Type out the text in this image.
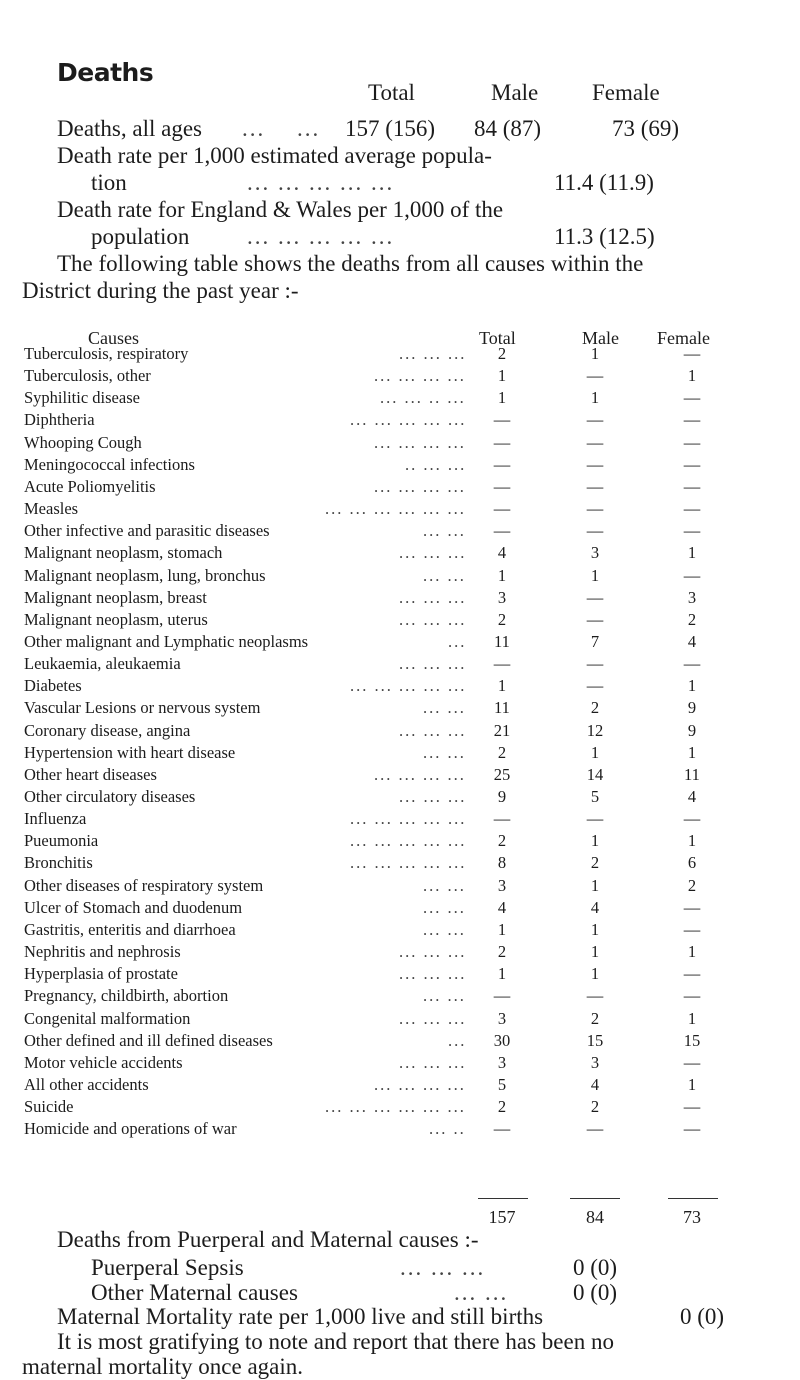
Deaths
Total	Male Female
Deaths, all ages ... ... 157 (156) 84 (87)	73 (69)
Death rate per 1,000 estimated average popula-
tion	... ... ... ... ...	11.4 (11.9)
Death rate for England & Wales per 1,000 of the
population	... ... ... ... ...	11.3 (12.5)
The following table shows the deaths from all causes within the
District during the past year :-
Causes	Total	Male Female
Tuberculosis, respiratory	... ... ...	2	1	—
Tuberculosis, other	... ... ... ...	1	—	1
Syphilitic disease	... ... .. ...	1	1	—
Diphtheria	... ... ... ... ...	—	—	—
Whooping Cough	... ... ... ...	—	—	—
Meningococcal infections	.. ... ...	—	—	—
Acute Poliomyelitis	... ... ... ...	—	—	—
Measles	... ... ... ... ... ...	—	—	—
Other infective and parasitic diseases	... ...	—	—	—
Malignant neoplasm, stomach	... ... ...	4	3	1
Malignant neoplasm, lung, bronchus	... ...	1	1	—
Malignant neoplasm, breast	... ... ...	3	—	3
Malignant neoplasm, uterus	... ... ...	2	—	2
Other malignant and Lymphatic neoplasms	...	11	7	4
Leukaemia, aleukaemia	... ... ...	—	—	—
Diabetes	... ... ... ... ...	1	—	1
Vascular Lesions or nervous system	... ...	11	2	9
Coronary disease, angina	... ... ...	21	12	9
Hypertension with heart disease	... ...	2	1	1
Other heart diseases	... ... ... ...	25	14	11
Other circulatory diseases	... ... ...	9	5	4
Influenza	... ... ... ... ...	—	—	—
Pueumonia	... ... ... ... ...	2	1	1
Bronchitis	... ... ... ... ...	8	2	6
Other diseases of respiratory system	... ...	3	1	2
Ulcer of Stomach and duodenum	... ...	4	4	—
Gastritis, enteritis and diarrhoea	... ...	1	1	—
Nephritis and nephrosis	... ... ...	2	1	1
Hyperplasia of prostate	... ... ...	1	1	—
Pregnancy, childbirth, abortion	... ...	—	—	—
Congenital malformation	... ... ...	3	2	1
Other defined and ill defined diseases	...	30	15	15
Motor vehicle accidents	... ... ...	3	3	—
All other accidents	... ... ... ...	5	4	1
Suicide	... ... ... ... ... ...	2	2	—
Homicide and operations of war	... ..	—	—	—
157	84	73
Deaths from Puerperal and Maternal causes :-
Puerperal Sepsis	... ... ...	0 (0)
Other Maternal causes	... ...	0 (0)
Maternal Mortality rate per 1,000 live and still births	0 (0)
It is most gratifying to note and report that there has been no
maternal mortality once again.
